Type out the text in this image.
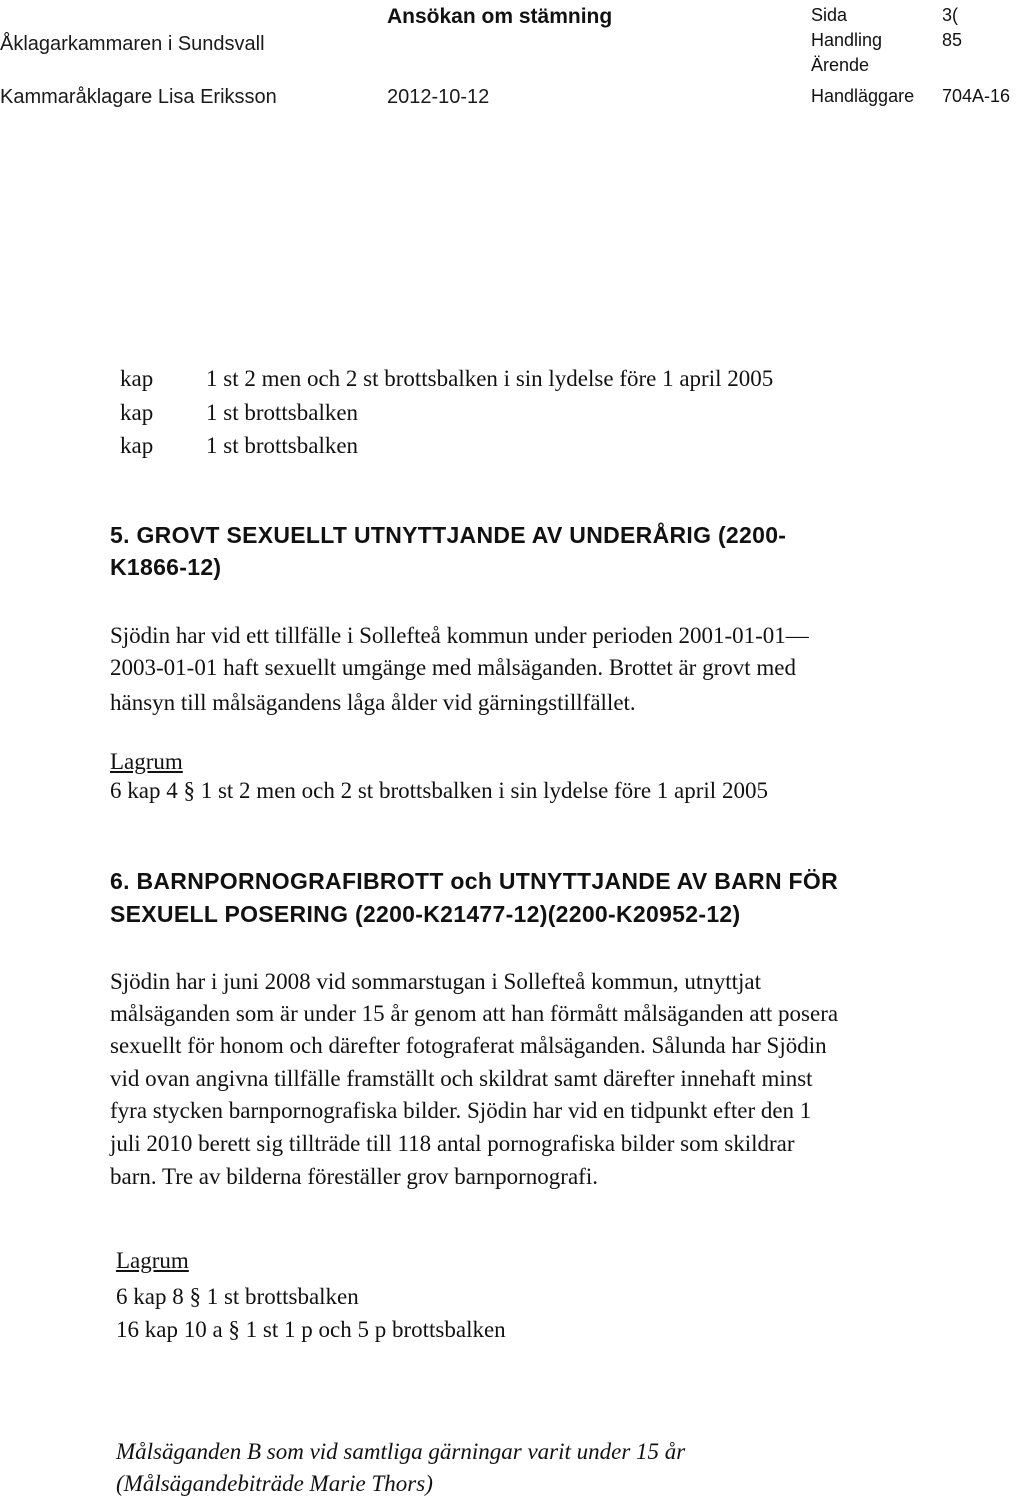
Åklagarkammaren i Sundsvall
Kammaråklagare Lisa Eriksson
Ansökan om stämning
2012-10-12
Sida
Handling
Ärende
Handläggare
3(
85
704A-16
kap 1 st 2 men och 2 st brottsbalken i sin lydelse före 1 april 2005
kap 1 st brottsbalken
kap 1 st brottsbalken
5. GROVT SEXUELLT UTNYTTJANDE AV UNDERÅRIG (2200-
K1866-12)
Sjödin har vid ett tillfälle i Sollefteå kommun under perioden 2001-01-01—
2003-01-01 haft sexuellt umgänge med målsäganden. Brottet är grovt med
hänsyn till målsägandens låga ålder vid gärningstillfället.
Lagrum
6 kap 4 § 1 st 2 men och 2 st brottsbalken i sin lydelse före 1 april 2005
6. BARNPORNOGRAFIBROTT och UTNYTTJANDE AV BARN FÖR
SEXUELL POSERING (2200-K21477-12)(2200-K20952-12)
Sjödin har i juni 2008 vid sommarstugan i Sollefteå kommun, utnyttjat
målsäganden som är under 15 år genom att han förmått målsäganden att posera
sexuellt för honom och därefter fotograferat målsäganden. Sålunda har Sjödin
vid ovan angivna tillfälle framställt och skildrat samt därefter innehaft minst
fyra stycken barnpornografiska bilder. Sjödin har vid en tidpunkt efter den 1
juli 2010 berett sig tillträde till 118 antal pornografiska bilder som skildrar
barn. Tre av bilderna föreställer grov barnpornografi.
Lagrum
6 kap 8 § 1 st brottsbalken
16 kap 10 a § 1 st 1 p och 5 p brottsbalken
Målsäganden B som vid samtliga gärningar varit under 15 år
(Målsägandebiträde Marie Thors)
